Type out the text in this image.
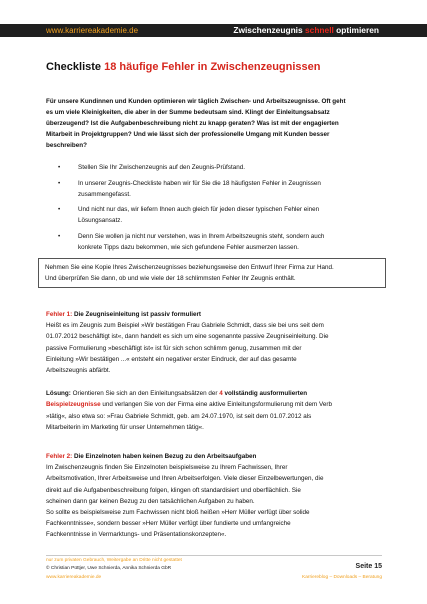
www.karriereakademie.de	Zwischenzeugnis schnell optimieren
Checkliste 18 häufige Fehler in Zwischenzeugnissen
Für unsere Kundinnen und Kunden optimieren wir täglich Zwischen- und Arbeitszeugnisse. Oft geht
es um viele Kleinigkeiten, die aber in der Summe bedeutsam sind. Klingt der Einleitungsabsatz
überzeugend? Ist die Aufgabenbeschreibung nicht zu knapp geraten? Was ist mit der engagierten
Mitarbeit in Projektgruppen? Und wie lässt sich der professionelle Umgang mit Kunden besser
beschreiben?
•	Stellen Sie Ihr Zwischenzeugnis auf den Zeugnis-Prüfstand.
•	In unserer Zeugnis-Checkliste haben wir für Sie die 18 häufigsten Fehler in Zeugnissen
zusammengefasst.
•	Und nicht nur das, wir liefern Ihnen auch gleich für jeden dieser typischen Fehler einen
Lösungsansatz.
•	Denn Sie wollen ja nicht nur verstehen, was in Ihrem Arbeitszeugnis steht, sondern auch
konkrete Tipps dazu bekommen, wie sich gefundene Fehler ausmerzen lassen.

Nehmen Sie eine Kopie Ihres Zwischenzeugnisses beziehungsweise den Entwurf Ihrer Firma zur Hand.
Und überprüfen Sie dann, ob und wie viele der 18 schlimmsten Fehler Ihr Zeugnis enthält.

Fehler 1: Die Zeugniseinleitung ist passiv formuliert

Heißt es im Zeugnis zum Beispiel »Wir bestätigen Frau Gabriele Schmidt, dass sie bei uns seit dem
01.07.2012 beschäftigt ist«, dann handelt es sich um eine sogenannte passive Zeugniseinleitung. Die
passive Formulierung »beschäftigt ist« ist für sich schon schlimm genug, zusammen mit der
Einleitung »Wir bestätigen ...« entsteht ein negativer erster Eindruck, der auf das gesamte
Arbeitszeugnis abfärbt.
Lösung: Orientieren Sie sich an den Einleitungsabsätzen der 4 vollständig ausformulierten
Beispielzeugnisse und verlangen Sie von der Firma eine aktive Einleitungsformulierung mit dem Verb
»tätig«, also etwa so: »Frau Gabriele Schmidt, geb. am 24.07.1970, ist seit dem 01.07.2012 als
Mitarbeiterin im Marketing für unser Unternehmen tätig«.

Fehler 2: Die Einzelnoten haben keinen Bezug zu den Arbeitsaufgaben

Im Zwischenzeugnis finden Sie Einzelnoten beispielsweise zu Ihrem Fachwissen, Ihrer
Arbeitsmotivation, Ihrer Arbeitsweise und Ihren Arbeitserfolgen. Viele dieser Einzelbewertungen, die
direkt auf die Aufgabenbeschreibung folgen, klingen oft standardisiert und oberflächlich. Sie
scheinen dann gar keinen Bezug zu den tatsächlichen Aufgaben zu haben.
So sollte es beispielsweise zum Fachwissen nicht bloß heißen »Herr Müller verfügt über solide
Fachkenntnisse«, sondern besser »Herr Müller verfügt über fundierte und umfangreiche
Fachkenntnisse in Vermarktungs- und Präsentationskonzepten«.
nur zum privaten Gebrauch, Weitergabe an Dritte nicht gestattet
© Christian Püttjer, Uwe Schnierda, Annika Schnierda GbR	Seite 15
www.karriereakademie.de	Karriereblog – Downloads – Beratung
